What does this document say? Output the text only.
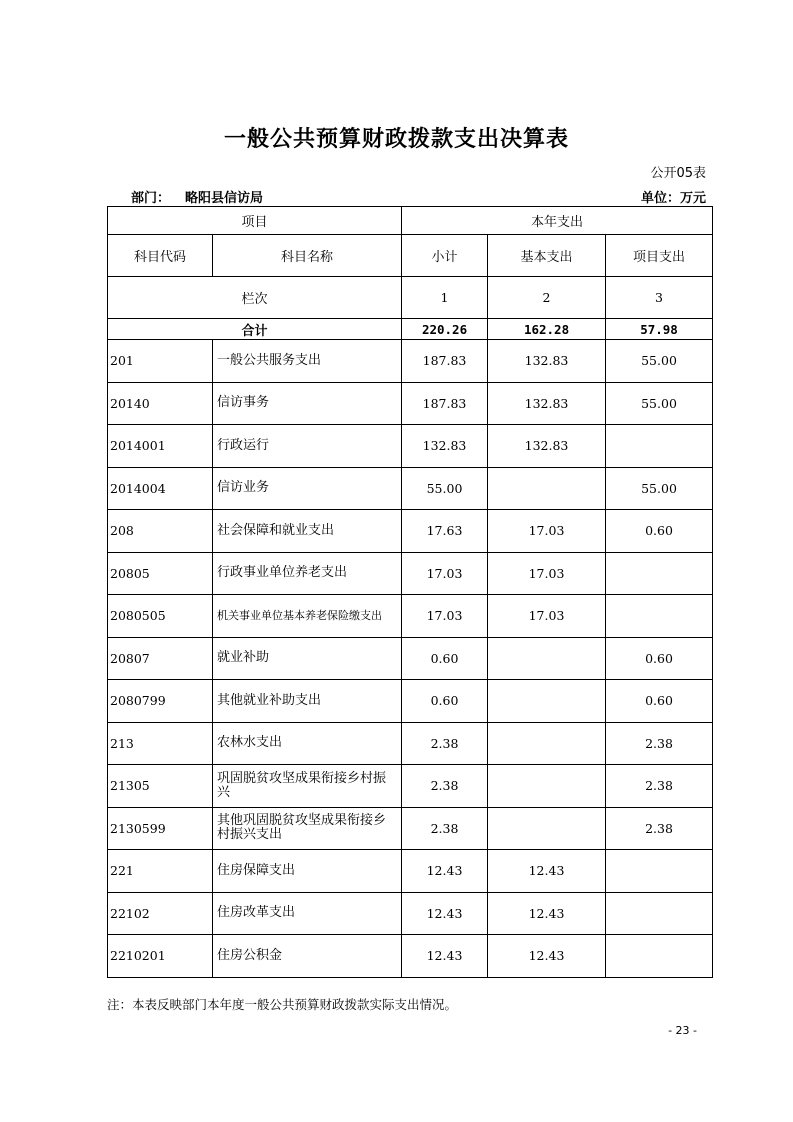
一般公共预算财政拨款支出决算表
公开05表
部门： 略阳县信访局	单位：万元
项目		本年支出		
科目代码	科目名称	小计	基本支出	项目支出
栏次		1	2	3
合计		220.26	162.28	57.98
201	一般公共服务支出	187.83	132.83	55.00
20140	信访事务	187.83	132.83	55.00
2014001	行政运行	132.83	132.83	
2014004	信访业务	55.00		55.00
208	社会保障和就业支出	17.63	17.03	0.60
20805	行政事业单位养老支出	17.03	17.03	
2080505	机关事业单位基本养老保险缴支出	17.03	17.03	
20807	就业补助	0.60		0.60
2080799	其他就业补助支出	0.60		0.60
213	农林水支出	2.38		2.38
21305	巩固脱贫攻坚成果衔接乡村振兴	2.38		2.38
2130599	其他巩固脱贫攻坚成果衔接乡村振兴支出	2.38		2.38
221	住房保障支出	12.43	12.43	
22102	住房改革支出	12.43	12.43	
2210201	住房公积金	12.43	12.43	
注：本表反映部门本年度一般公共预算财政拨款实际支出情况。
- 23 -
